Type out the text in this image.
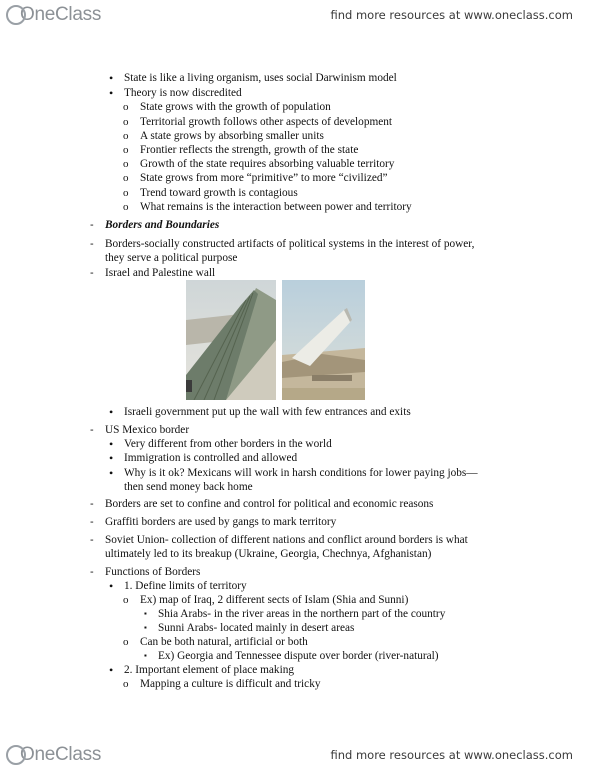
OneClass	find more resources at www.oneclass.com
• State is like a living organism, uses social Darwinism model
• Theory is now discredited
o State grows with the growth of population
o Territorial growth follows other aspects of development
o A state grows by absorbing smaller units
o Frontier reflects the strength, growth of the state
o Growth of the state requires absorbing valuable territory
o State grows from more “primitive” to more “civilized”
o Trend toward growth is contagious
o What remains is the interaction between power and territory
- Borders and Boundaries
- Borders-socially constructed artifacts of political systems in the interest of power,
they serve a political purpose
- Israel and Palestine wall
• Israeli government put up the wall with few entrances and exits
- US Mexico border
• Very different from other borders in the world
• Immigration is controlled and allowed
• Why is it ok? Mexicans will work in harsh conditions for lower paying jobs—
then send money back home
- Borders are set to confine and control for political and economic reasons
- Graffiti borders are used by gangs to mark territory
- Soviet Union- collection of different nations and conflict around borders is what
ultimately led to its breakup (Ukraine, Georgia, Chechnya, Afghanistan)
- Functions of Borders
• 1. Define limits of territory
o Ex) map of Iraq, 2 different sects of Islam (Shia and Sunni)
▪ Shia Arabs- in the river areas in the northern part of the country
▪ Sunni Arabs- located mainly in desert areas
o Can be both natural, artificial or both
▪ Ex) Georgia and Tennessee dispute over border (river-natural)
• 2. Important element of place making
o Mapping a culture is difficult and tricky
OneClass	find more resources at www.oneclass.com
